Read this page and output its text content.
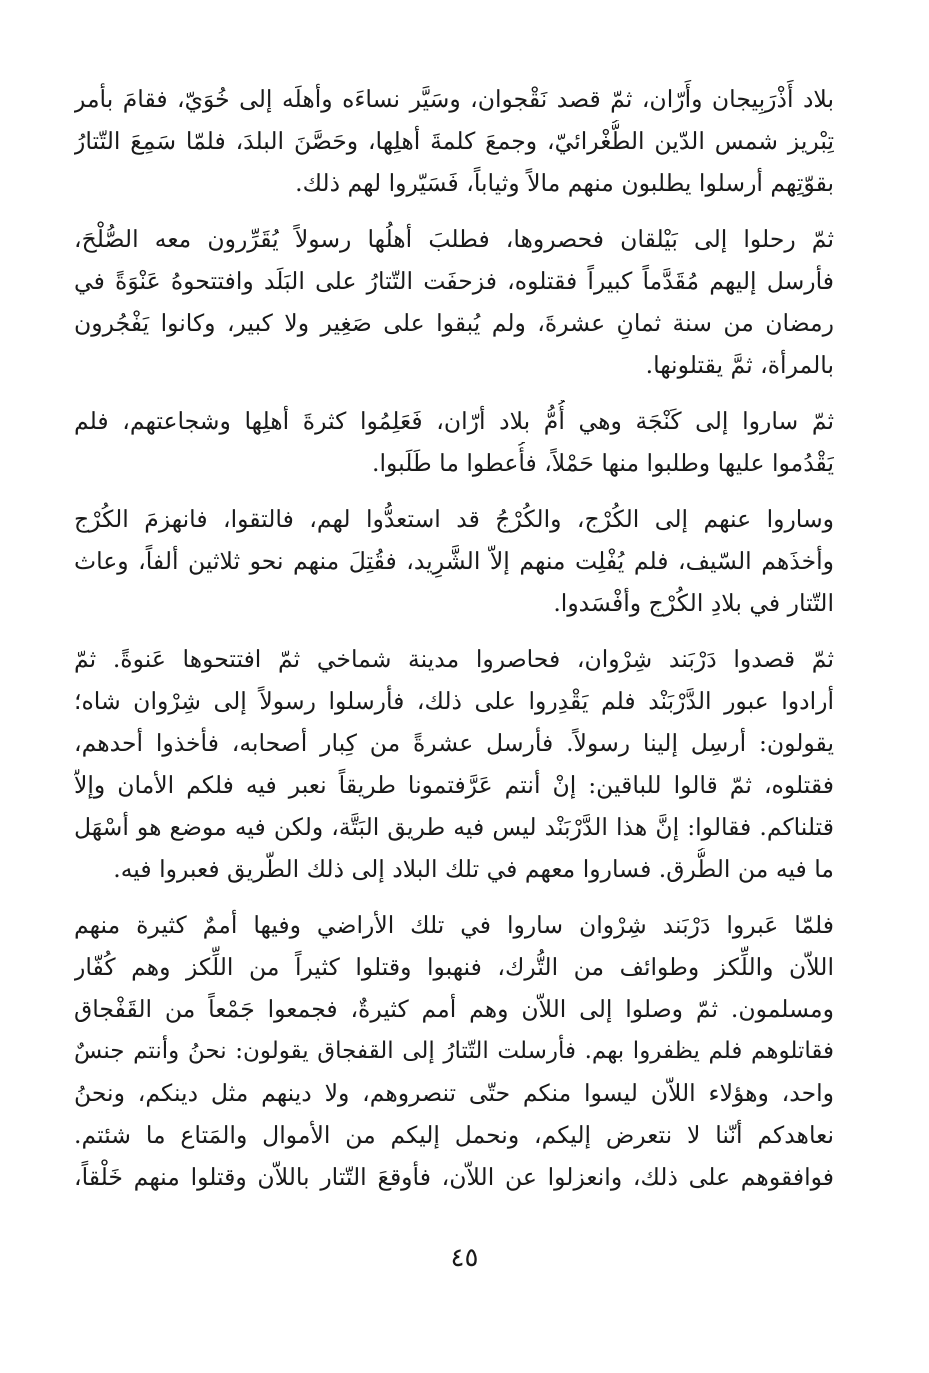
بلاد أَذْرَبِيجان وأَرّان، ثمّ قصد نَقْجوان، وسَيَّر نساءَه وأهلَه إلى خُوَيّ، فقامَ بأمر
تِبْريز شمس الدّين الطُّغْرائيّ، وجمعَ كلمةَ أهلِها، وحَصَّنَ البلدَ، فلمّا سَمِعَ التّتارُ
بقوّتِهم أرسلوا يطلبون منهم مالاً وثياباً، فَسَيّروا لهم ذلك.
ثمّ رحلوا إلى بَيْلقان فحصروها، فطلبَ أهلُها رسولاً يُقَرِّرون معه الصُّلْحَ،
فأرسل إليهم مُقَدَّماً كبيراً فقتلوه، فزحفَت التّتارُ على البَلَد وافتتحوهُ عَنْوَةً في
رمضان من سنة ثمانِ عشرةَ، ولم يُبقوا على صَغِير ولا كبير، وكانوا يَفْجُرون
بالمرأة، ثمَّ يقتلونها.
ثمّ ساروا إلى كَنْجَة وهي أُمُّ بلاد أرّان، فَعَلِمُوا كثرةَ أهلِها وشجاعتهم، فلم
يَقْدُموا عليها وطلبوا منها حَمْلاً، فأُعطوا ما طَلَبوا.
وساروا عنهم إلى الكُرْج، والكُرْجُ قد استعدُّوا لهم، فالتقوا، فانهزمَ الكُرْج
وأخذَهم السّيف، فلم يُفْلِت منهم إلاّ الشَّرِيد، فقُتِلَ منهم نحو ثلاثين ألفاً، وعاث
التّتار في بلادِ الكُرْج وأفْسَدوا.
ثمّ قصدوا دَرْبَند شِرْوان، فحاصروا مدينة شماخي ثمّ افتتحوها عَنوةً. ثمّ
أرادوا عبور الدَّرْبَنْد فلم يَقْدِروا على ذلك، فأرسلوا رسولاً إلى شِرْوان شاه؛
يقولون: أرسِل إلينا رسولاً. فأرسل عشرةً من كِبار أصحابه، فأخذوا أحدهم،
فقتلوه، ثمّ قالوا للباقين: إنْ أنتم عَرَّفتمونا طريقاً نعبر فيه فلكم الأمان وإلاّ
قتلناكم. فقالوا: إنَّ هذا الدَّرْبَنْد ليس فيه طريق البَتَّة، ولكن فيه موضع هو أسْهَل
ما فيه من الطُّرق. فساروا معهم في تلك البلاد إلى ذلك الطّريق فعبروا فيه.
فلمّا عَبروا دَرْبَند شِرْوان ساروا في تلك الأراضي وفيها أممٌ كثيرة منهم
اللاّن واللِّكز وطوائف من التُّرك، فنهبوا وقتلوا كثيراً من اللِّكز وهم كُفّار
ومسلمون. ثمّ وصلوا إلى اللاّن وهم أمم كثيرةٌ، فجمعوا جَمْعاً من القَفْجاق
فقاتلوهم فلم يظفروا بهم. فأرسلت التّتارُ إلى القفجاق يقولون: نحنُ وأنتم جنسٌ
واحد، وهؤلاء اللاّن ليسوا منكم حتّى تنصروهم، ولا دينهم مثل دينكم، ونحنُ
نعاهدكم أنّنا لا نتعرض إليكم، ونحمل إليكم من الأموال والمَتاع ما شئتم.
فوافقوهم على ذلك، وانعزلوا عن اللاّن، فأوقعَ التّتار باللاّن وقتلوا منهم خَلْقاً،
٤٥
